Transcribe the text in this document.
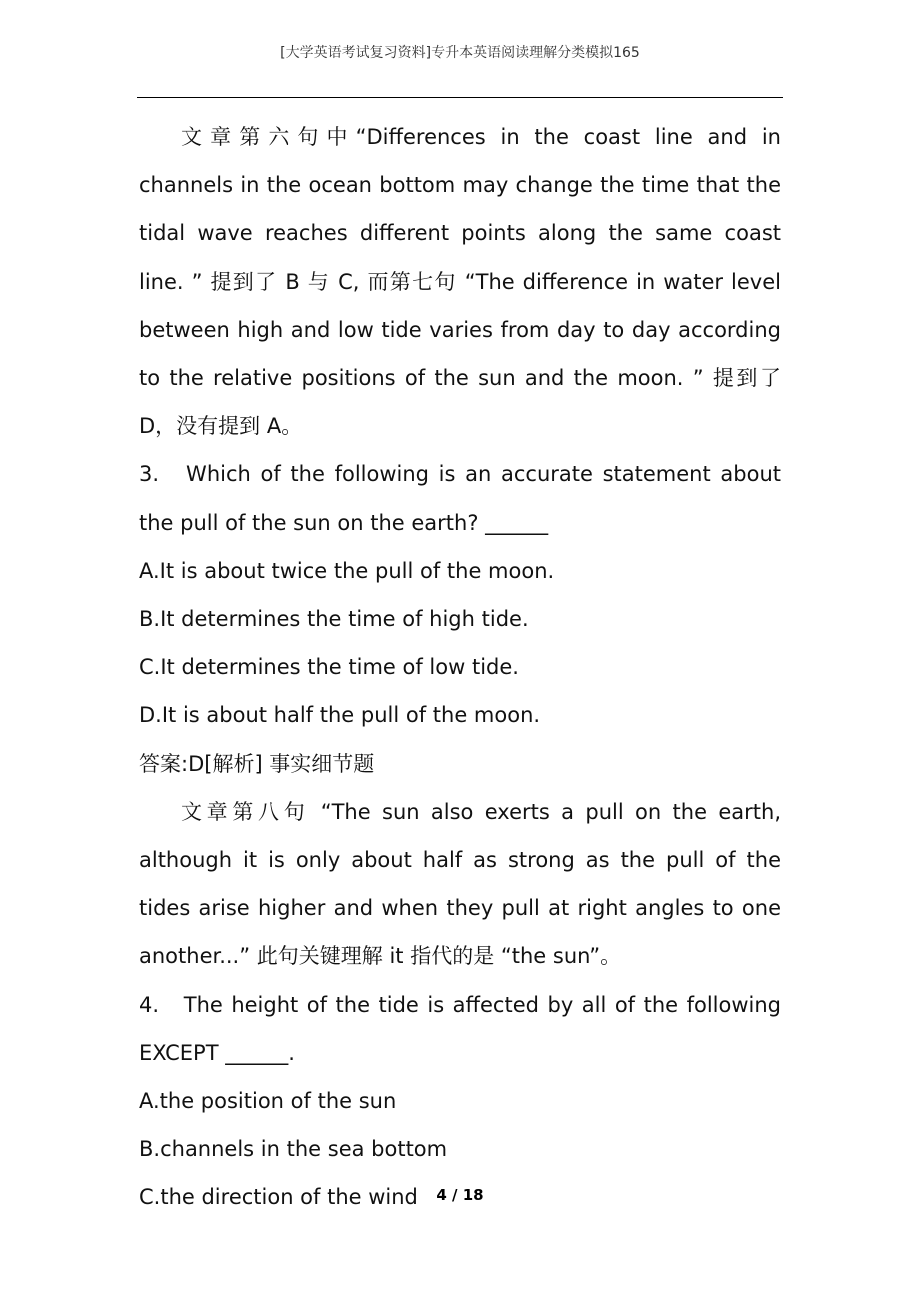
[大学英语考试复习资料]专升本英语阅读理解分类模拟165

文章第六句中“Differences in the coast line and in channels in the ocean bottom may change the time that the tidal wave reaches different points along the same coast line. ” 提到了 B 与 C, 而第七句 “The difference in water level between high and low tide varies from day to day according to the relative positions of the sun and the moon. ” 提到了 D，没有提到 A。

3.　Which of the following is an accurate statement about the pull of the sun on the earth? ______

A.It is about twice the pull of the moon.

B.It determines the time of high tide.

C.It determines the time of low tide.

D.It is about half the pull of the moon.

答案:D[解析] 事实细节题

文章第八句 “The sun also exerts a pull on the earth, although it is only about half as strong as the pull of the tides arise higher and when they pull at right angles to one another...” 此句关键理解 it 指代的是 “the sun”。

4.　The height of the tide is affected by all of the following EXCEPT ______.

A.the position of the sun

B.channels in the sea bottom

C.the direction of the wind	4 / 18
